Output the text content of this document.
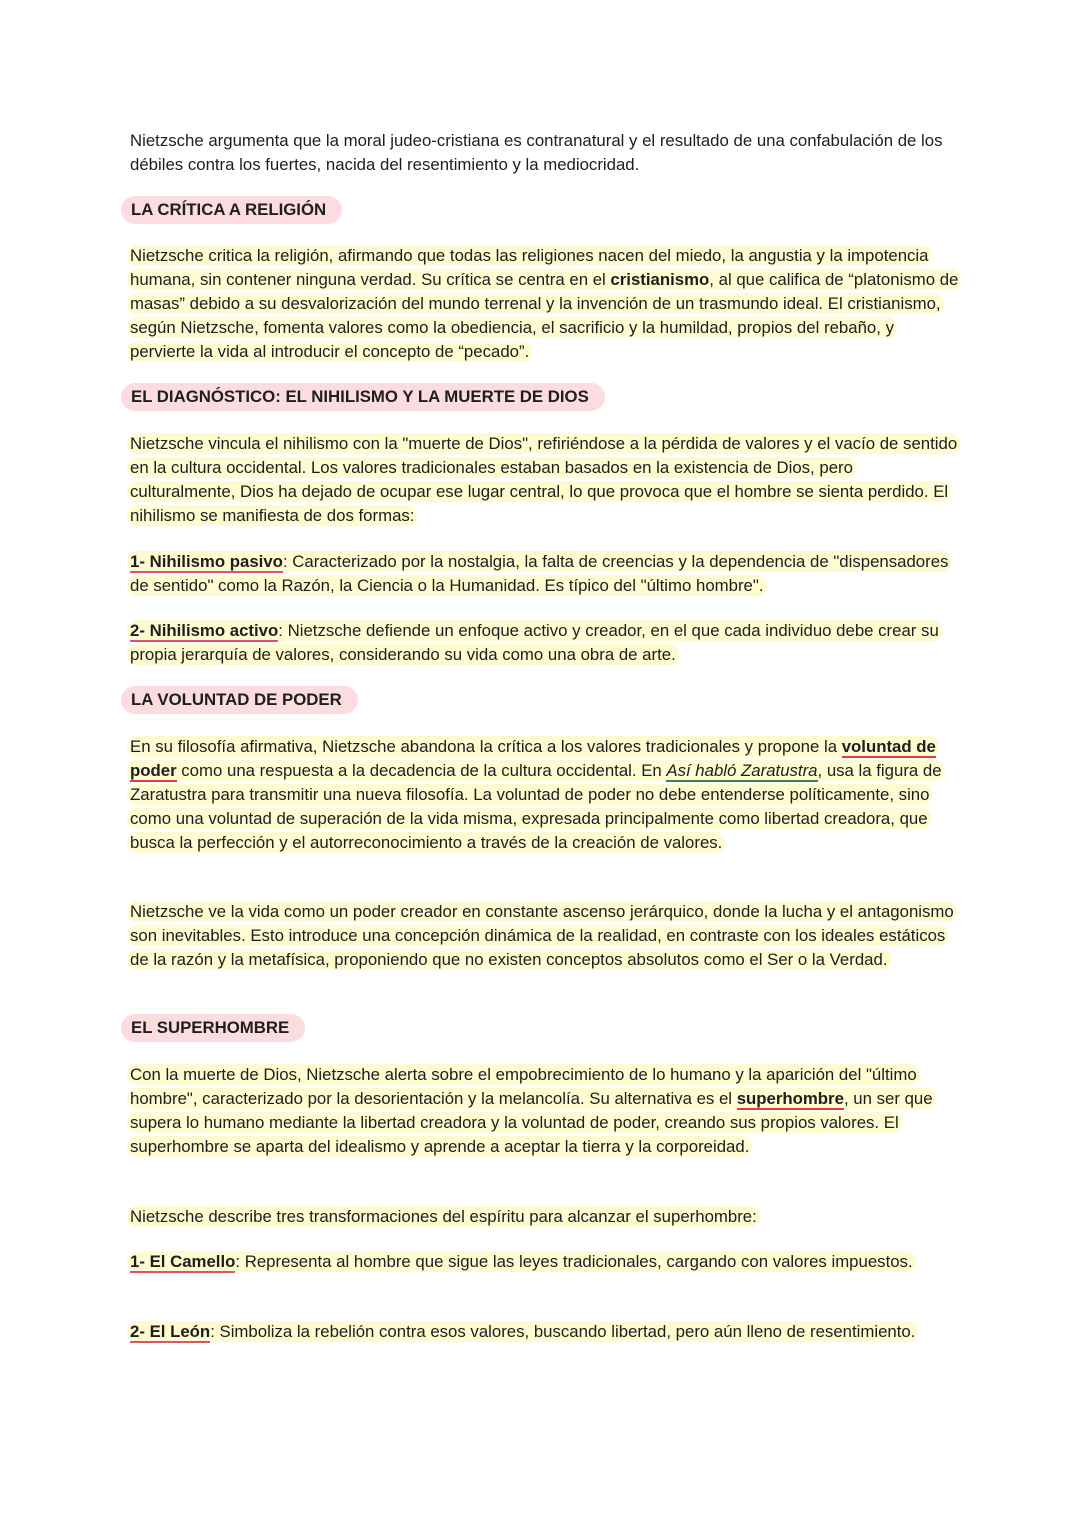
Nietzsche argumenta que la moral judeo-cristiana es contranatural y el resultado de una confabulación de los débiles contra los fuertes, nacida del resentimiento y la mediocridad.

LA CRÍTICA A RELIGIÓN

Nietzsche critica la religión, afirmando que todas las religiones nacen del miedo, la angustia y la impotencia humana, sin contener ninguna verdad. Su crítica se centra en el cristianismo, al que califica de “platonismo de masas” debido a su desvalorización del mundo terrenal y la invención de un trasmundo ideal. El cristianismo, según Nietzsche, fomenta valores como la obediencia, el sacrificio y la humildad, propios del rebaño, y pervierte la vida al introducir el concepto de “pecado”.

EL DIAGNÓSTICO: EL NIHILISMO Y LA MUERTE DE DIOS

Nietzsche vincula el nihilismo con la "muerte de Dios", refiriéndose a la pérdida de valores y el vacío de sentido en la cultura occidental. Los valores tradicionales estaban basados en la existencia de Dios, pero culturalmente, Dios ha dejado de ocupar ese lugar central, lo que provoca que el hombre se sienta perdido. El nihilismo se manifiesta de dos formas:

1- Nihilismo pasivo: Caracterizado por la nostalgia, la falta de creencias y la dependencia de "dispensadores de sentido" como la Razón, la Ciencia o la Humanidad. Es típico del "último hombre".

2- Nihilismo activo: Nietzsche defiende un enfoque activo y creador, en el que cada individuo debe crear su propia jerarquía de valores, considerando su vida como una obra de arte.

LA VOLUNTAD DE PODER

En su filosofía afirmativa, Nietzsche abandona la crítica a los valores tradicionales y propone la voluntad de poder como una respuesta a la decadencia de la cultura occidental. En Así habló Zaratustra, usa la figura de Zaratustra para transmitir una nueva filosofía. La voluntad de poder no debe entenderse políticamente, sino como una voluntad de superación de la vida misma, expresada principalmente como libertad creadora, que busca la perfección y el autorreconocimiento a través de la creación de valores.

Nietzsche ve la vida como un poder creador en constante ascenso jerárquico, donde la lucha y el antagonismo son inevitables. Esto introduce una concepción dinámica de la realidad, en contraste con los ideales estáticos de la razón y la metafísica, proponiendo que no existen conceptos absolutos como el Ser o la Verdad.

EL SUPERHOMBRE

Con la muerte de Dios, Nietzsche alerta sobre el empobrecimiento de lo humano y la aparición del "último hombre", caracterizado por la desorientación y la melancolía. Su alternativa es el superhombre, un ser que supera lo humano mediante la libertad creadora y la voluntad de poder, creando sus propios valores. El superhombre se aparta del idealismo y aprende a aceptar la tierra y la corporeidad.

Nietzsche describe tres transformaciones del espíritu para alcanzar el superhombre:

1- El Camello: Representa al hombre que sigue las leyes tradicionales, cargando con valores impuestos.

2- El León: Simboliza la rebelión contra esos valores, buscando libertad, pero aún lleno de resentimiento.
